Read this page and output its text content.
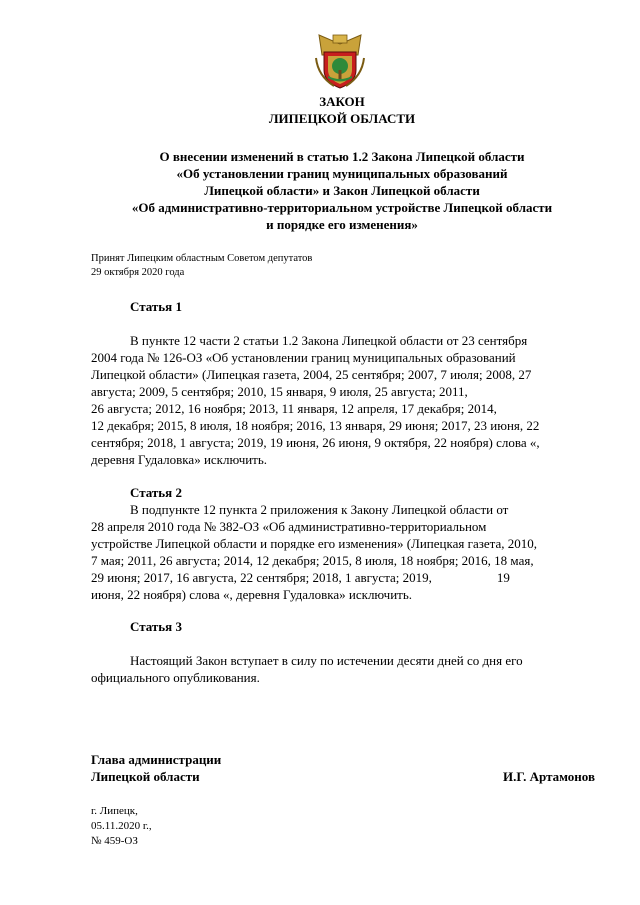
ЗАКОН
ЛИПЕЦКОЙ ОБЛАСТИ
О внесении изменений в статью 1.2 Закона Липецкой области
«Об установлении границ муниципальных образований
Липецкой области» и Закон Липецкой области
«Об административно-территориальном устройстве Липецкой области
и порядке его изменения»
Принят Липецким областным Советом депутатов
29 октября 2020 года
Статья 1
В пункте 12 части 2 статьи 1.2 Закона Липецкой области от 23 сентября
2004 года № 126-ОЗ «Об установлении границ муниципальных образований
Липецкой области» (Липецкая газета, 2004, 25 сентября; 2007, 7 июля; 2008, 27
августа; 2009, 5 сентября; 2010, 15 января, 9 июля, 25 августа; 2011,
26 августа; 2012, 16 ноября; 2013, 11 января, 12 апреля, 17 декабря; 2014,
12 декабря; 2015, 8 июля, 18 ноября; 2016, 13 января, 29 июня; 2017, 23 июня, 22
сентября; 2018, 1 августа; 2019, 19 июня, 26 июня, 9 октября, 22 ноября) слова «,
деревня Гудаловка» исключить.
Статья 2
В подпункте 12 пункта 2 приложения к Закону Липецкой области от
28 апреля 2010 года № 382-ОЗ «Об административно-территориальном
устройстве Липецкой области и порядке его изменения» (Липецкая газета, 2010,
7 мая; 2011, 26 августа; 2014, 12 декабря; 2015, 8 июля, 18 ноября; 2016, 18 мая,
29 июня; 2017, 16 августа, 22 сентября; 2018, 1 августа; 2019,                    19
июня, 22 ноября) слова «, деревня Гудаловка» исключить.
Статья 3
Настоящий Закон вступает в силу по истечении десяти дней со дня его
официального опубликования.
Глава администрации
Липецкой области	И.Г. Артамонов
г. Липецк,
05.11.2020 г.,
№ 459-ОЗ
